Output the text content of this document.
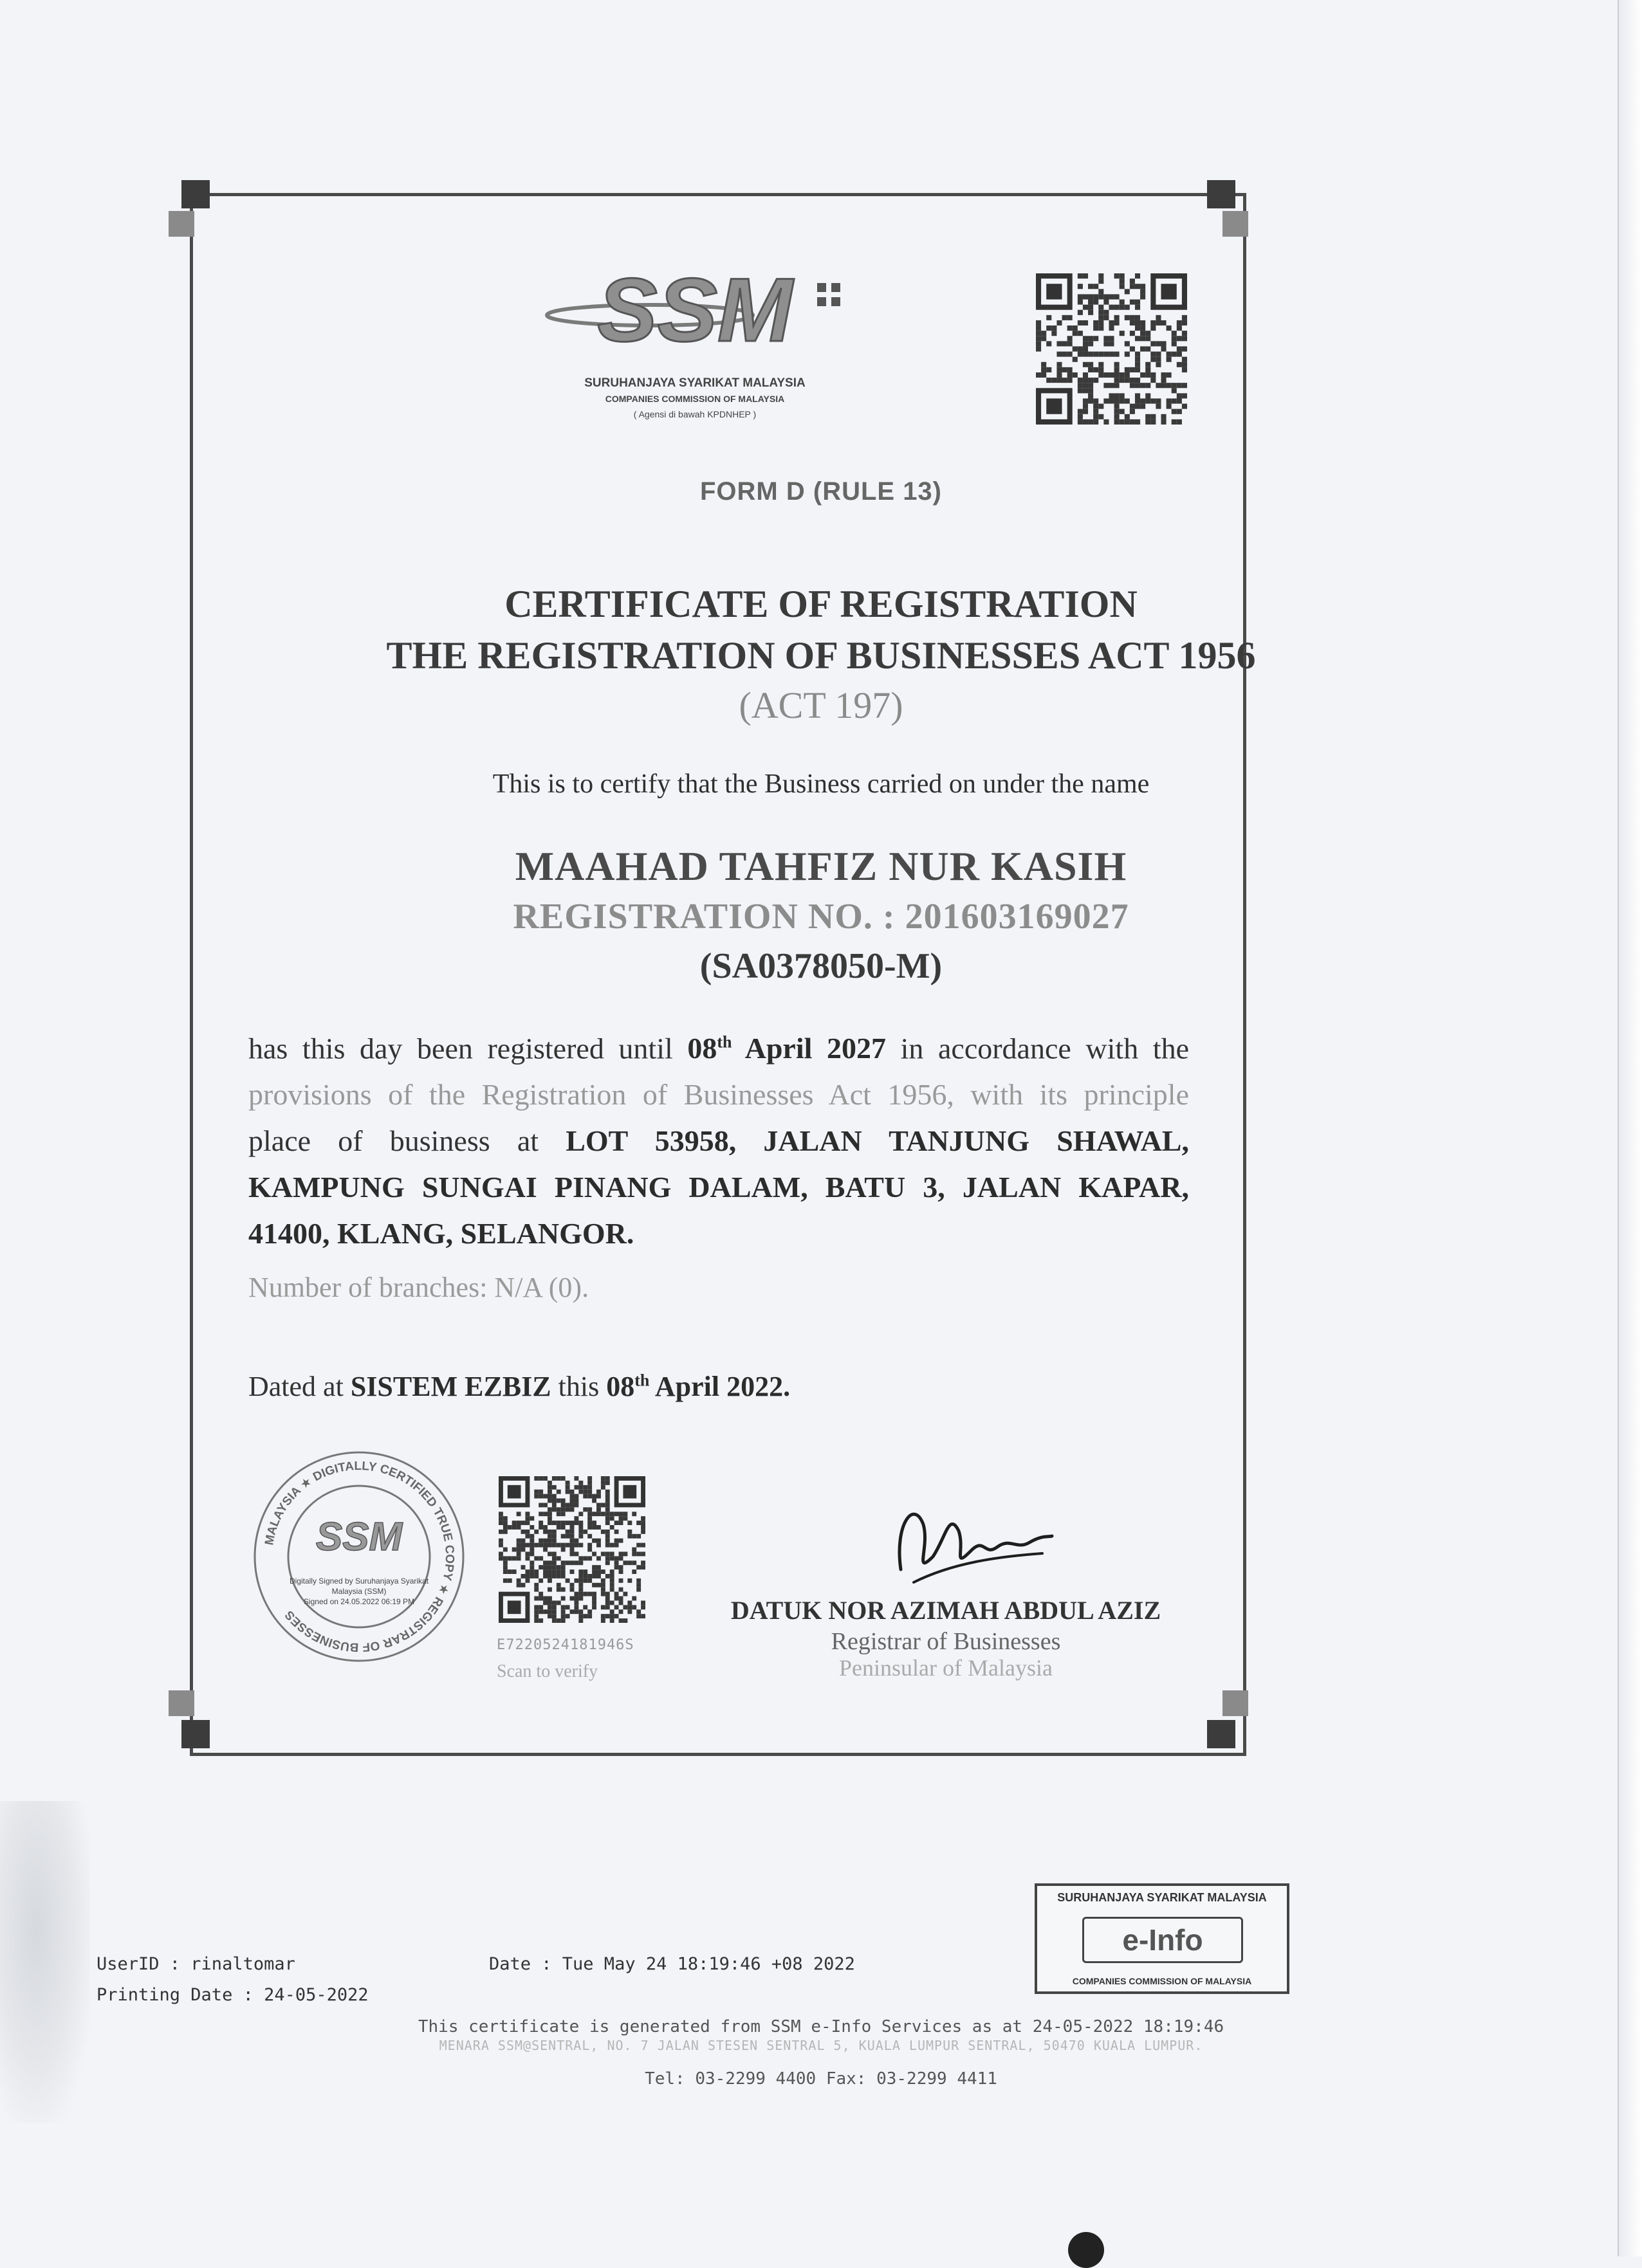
SSM
SURUHANJAYA SYARIKAT MALAYSIA
COMPANIES COMMISSION OF MALAYSIA
( Agensi di bawah KPDNHEP )
FORM D (RULE 13)
CERTIFICATE OF REGISTRATION
THE REGISTRATION OF BUSINESSES ACT 1956
(ACT 197)
This is to certify that the Business carried on under the name
MAAHAD TAHFIZ NUR KASIH
REGISTRATION NO. : 201603169027
(SA0378050-M)
has this day been registered until 08th April 2027 in accordance with the
provisions of the Registration of Businesses Act 1956, with its principle
place of business at LOT 53958, JALAN TANJUNG SHAWAL,
KAMPUNG SUNGAI PINANG DALAM, BATU 3, JALAN KAPAR,
41400, KLANG, SELANGOR.
Number of branches: N/A (0).
Dated at SISTEM EZBIZ this 08th April 2022.
MALAYSIA ★ DIGITALLY CERTIFIED TRUE COPY ★ REGISTRAR OF BUSINESSES
SSM
Digitally Signed by Suruhanjaya Syarikat
Malaysia (SSM)
Signed on 24.05.2022 06:19 PM
E7220524181946S
Scan to verify
DATUK NOR AZIMAH ABDUL AZIZ
Registrar of Businesses
Peninsular of Malaysia
SURUHANJAYA SYARIKAT MALAYSIA
e-Info
COMPANIES COMMISSION OF MALAYSIA
UserID : rinaltomar	Date : Tue May 24 18:19:46 +08 2022
Printing Date : 24-05-2022
This certificate is generated from SSM e-Info Services as at 24-05-2022 18:19:46
MENARA SSM@SENTRAL, NO. 7 JALAN STESEN SENTRAL 5, KUALA LUMPUR SENTRAL, 50470 KUALA LUMPUR.
Tel: 03-2299 4400 Fax: 03-2299 4411
